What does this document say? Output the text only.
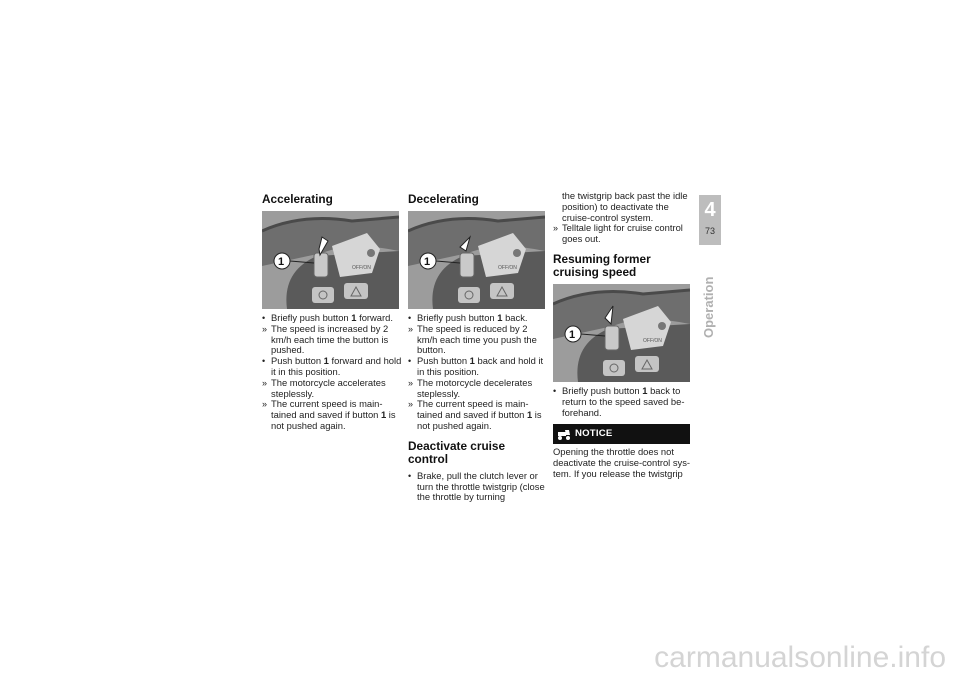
Accelerating
OFF/ON
1
• Briefly push button 1 forward.
» The speed is increased by 2 km/h each time the button is pushed.
• Push button 1 forward and hold it in this position.
» The motorcycle accelerates steplessly.
» The current speed is main-tained and saved if button 1 is not pushed again.
Decelerating
OFF/ON
1
• Briefly push button 1 back.
» The speed is reduced by 2 km/h each time you push the button.
• Push button 1 back and hold it in this position.
» The motorcycle decelerates steplessly.
» The current speed is main-tained and saved if button 1 is not pushed again.
Deactivate cruise control
• Brake, pull the clutch lever or turn the throttle twistgrip (close the throttle by turning
the twistgrip back past the idle position) to deactivate the cruise-control system.
» Telltale light for cruise control goes out.
Resuming former cruising speed
OFF/ON
1
• Briefly push button 1 back to return to the speed saved be-forehand.
NOTICE
Opening the throttle does not deactivate the cruise-control sys-tem. If you release the twistgrip
4
73
Operation
carmanualsonline.info
